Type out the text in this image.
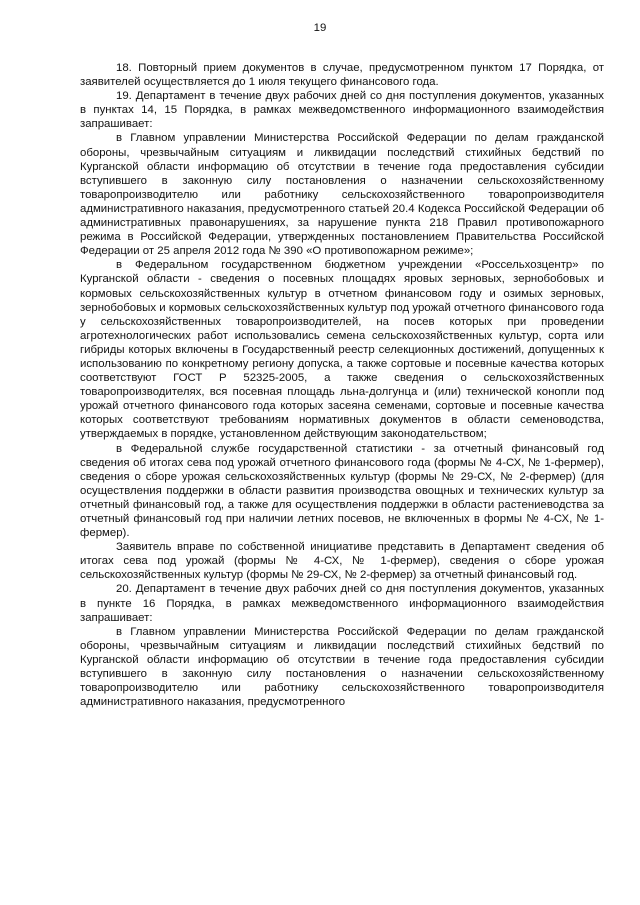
19

18. Повторный прием документов в случае, предусмотренном пунктом 17 Порядка, от заявителей осуществляется до 1 июля текущего финансового года.

19. Департамент в течение двух рабочих дней со дня поступления документов, указанных в пунктах 14, 15 Порядка, в рамках межведомственного информационного взаимодействия запрашивает:

в Главном управлении Министерства Российской Федерации по делам гражданской обороны, чрезвычайным ситуациям и ликвидации последствий стихийных бедствий по Курганской области информацию об отсутствии в течение года предоставления субсидии вступившего в законную силу постановления о назначении сельскохозяйственному товаропроизводителю или работнику сельскохозяйственного товаропроизводителя административного наказания, предусмотренного статьей 20.4 Кодекса Российской Федерации об административных правонарушениях, за нарушение пункта 218 Правил противопожарного режима в Российской Федерации, утвержденных постановлением Правительства Российской Федерации от 25 апреля 2012 года № 390 «О противопожарном режиме»;

в Федеральном государственном бюджетном учреждении «Россельхозцентр» по Курганской области - сведения о посевных площадях яровых зерновых, зернобобовых и кормовых сельскохозяйственных культур в отчетном финансовом году и озимых зерновых, зернобобовых и кормовых сельскохозяйственных культур под урожай отчетного финансового года у сельскохозяйственных товаропроизводителей, на посев которых при проведении агротехнологических работ использовались семена сельскохозяйственных культур, сорта или гибриды которых включены в Государственный реестр селекционных достижений, допущенных к использованию по конкретному региону допуска, а также сортовые и посевные качества которых соответствуют ГОСТ Р 52325-2005, а также сведения о сельскохозяйственных товаропроизводителях, вся посевная площадь льна-долгунца и (или) технической конопли под урожай отчетного финансового года которых засеяна семенами, сортовые и посевные качества которых соответствуют требованиям нормативных документов в области семеноводства, утверждаемых в порядке, установленном действующим законодательством;

в Федеральной службе государственной статистики - за отчетный финансовый год сведения об итогах сева под урожай отчетного финансового года (формы № 4-СХ, № 1-фермер), сведения о сборе урожая сельскохозяйственных культур (формы № 29-СХ, № 2-фермер) (для осуществления поддержки в области развития производства овощных и технических культур за отчетный финансовый год, а также для осуществления поддержки в области растениеводства за отчетный финансовый год при наличии летних посевов, не включенных в формы № 4-СХ, № 1-фермер).

Заявитель вправе по собственной инициативе представить в Департамент сведения об итогах сева под урожай (формы № 4-СХ, № 1-фермер), сведения о сборе урожая сельскохозяйственных культур (формы № 29-СХ, № 2-фермер) за отчетный финансовый год.

20. Департамент в течение двух рабочих дней со дня поступления документов, указанных в пункте 16 Порядка, в рамках межведомственного информационного взаимодействия запрашивает:

в Главном управлении Министерства Российской Федерации по делам гражданской обороны, чрезвычайным ситуациям и ликвидации последствий стихийных бедствий по Курганской области информацию об отсутствии в течение года предоставления субсидии вступившего в законную силу постановления о назначении сельскохозяйственному товаропроизводителю или работнику сельскохозяйственного товаропроизводителя административного наказания, предусмотренного
